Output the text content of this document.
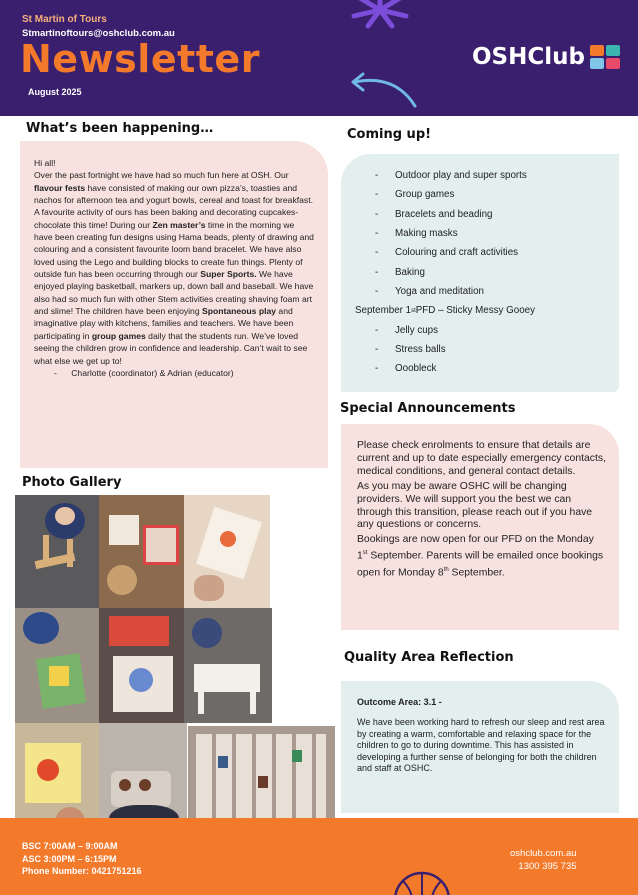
St Martin of Tours
Stmartinoftours@oshclub.com.au
Newsletter
August 2025
OSHClub
What’s been happening…

Hi all!

Over the past fortnight we have had so much fun here at OSH. Our flavour fests have consisted of making our own pizza’s, toasties and nachos for afternoon tea and yogurt bowls, cereal and toast for breakfast. A favourite activity of ours has been baking and decorating cupcakes- chocolate this time! During our Zen master’s time in the morning we have been creating fun designs using Hama beads, plenty of drawing and colouring and a consistent favourite loom band bracelet. We have also loved using the Lego and building blocks to create fun things. Plenty of outside fun has been occurring through our Super Sports. We have enjoyed playing basketball, markers up, down ball and baseball. We have also had so much fun with other Stem activities creating shaving foam art and slime! The children have been enjoying Spontaneous play and imaginative play with kitchens, families and teachers. We have been participating in group games daily that the students run. We’ve loved seeing the children grow in confidence and leadership. Can’t wait to see what else we get up to!

- Charlotte (coordinator) & Adrian (educator)
Coming up!
-	Outdoor play and super sports
-	Group games
-	Bracelets and beading
-	Making masks
-	Colouring and craft activities
-	Baking
-	Yoga and meditation
September 1 st PFD – Sticky Messy Gooey
-	Jelly cups
-	Stress balls
-	Ooobleck
Special Announcements

Please check enrolments to ensure that details are current and up to date especially emergency contacts, medical conditions, and general contact details.

As you may be aware OSHC will be changing providers. We will support you the best we can through this transition, please reach out if you have any questions or concerns.

Bookings are now open for our PFD on the Monday 1st September. Parents will be emailed once bookings open for Monday 8th September.

Quality Area Reflection
Outcome Area: 3.1 -

We have been working hard to refresh our sleep and rest area by creating a warm, comfortable and relaxing space for the children to go to during downtime. This has assisted in developing a further sense of belonging for both the children and staff at OSHC.

Photo Gallery
BSC 7:00AM – 9:00AM
ASC 3:00PM – 6:15PM
Phone Number: 0421751216
oshclub.com.au
1300 395 735
